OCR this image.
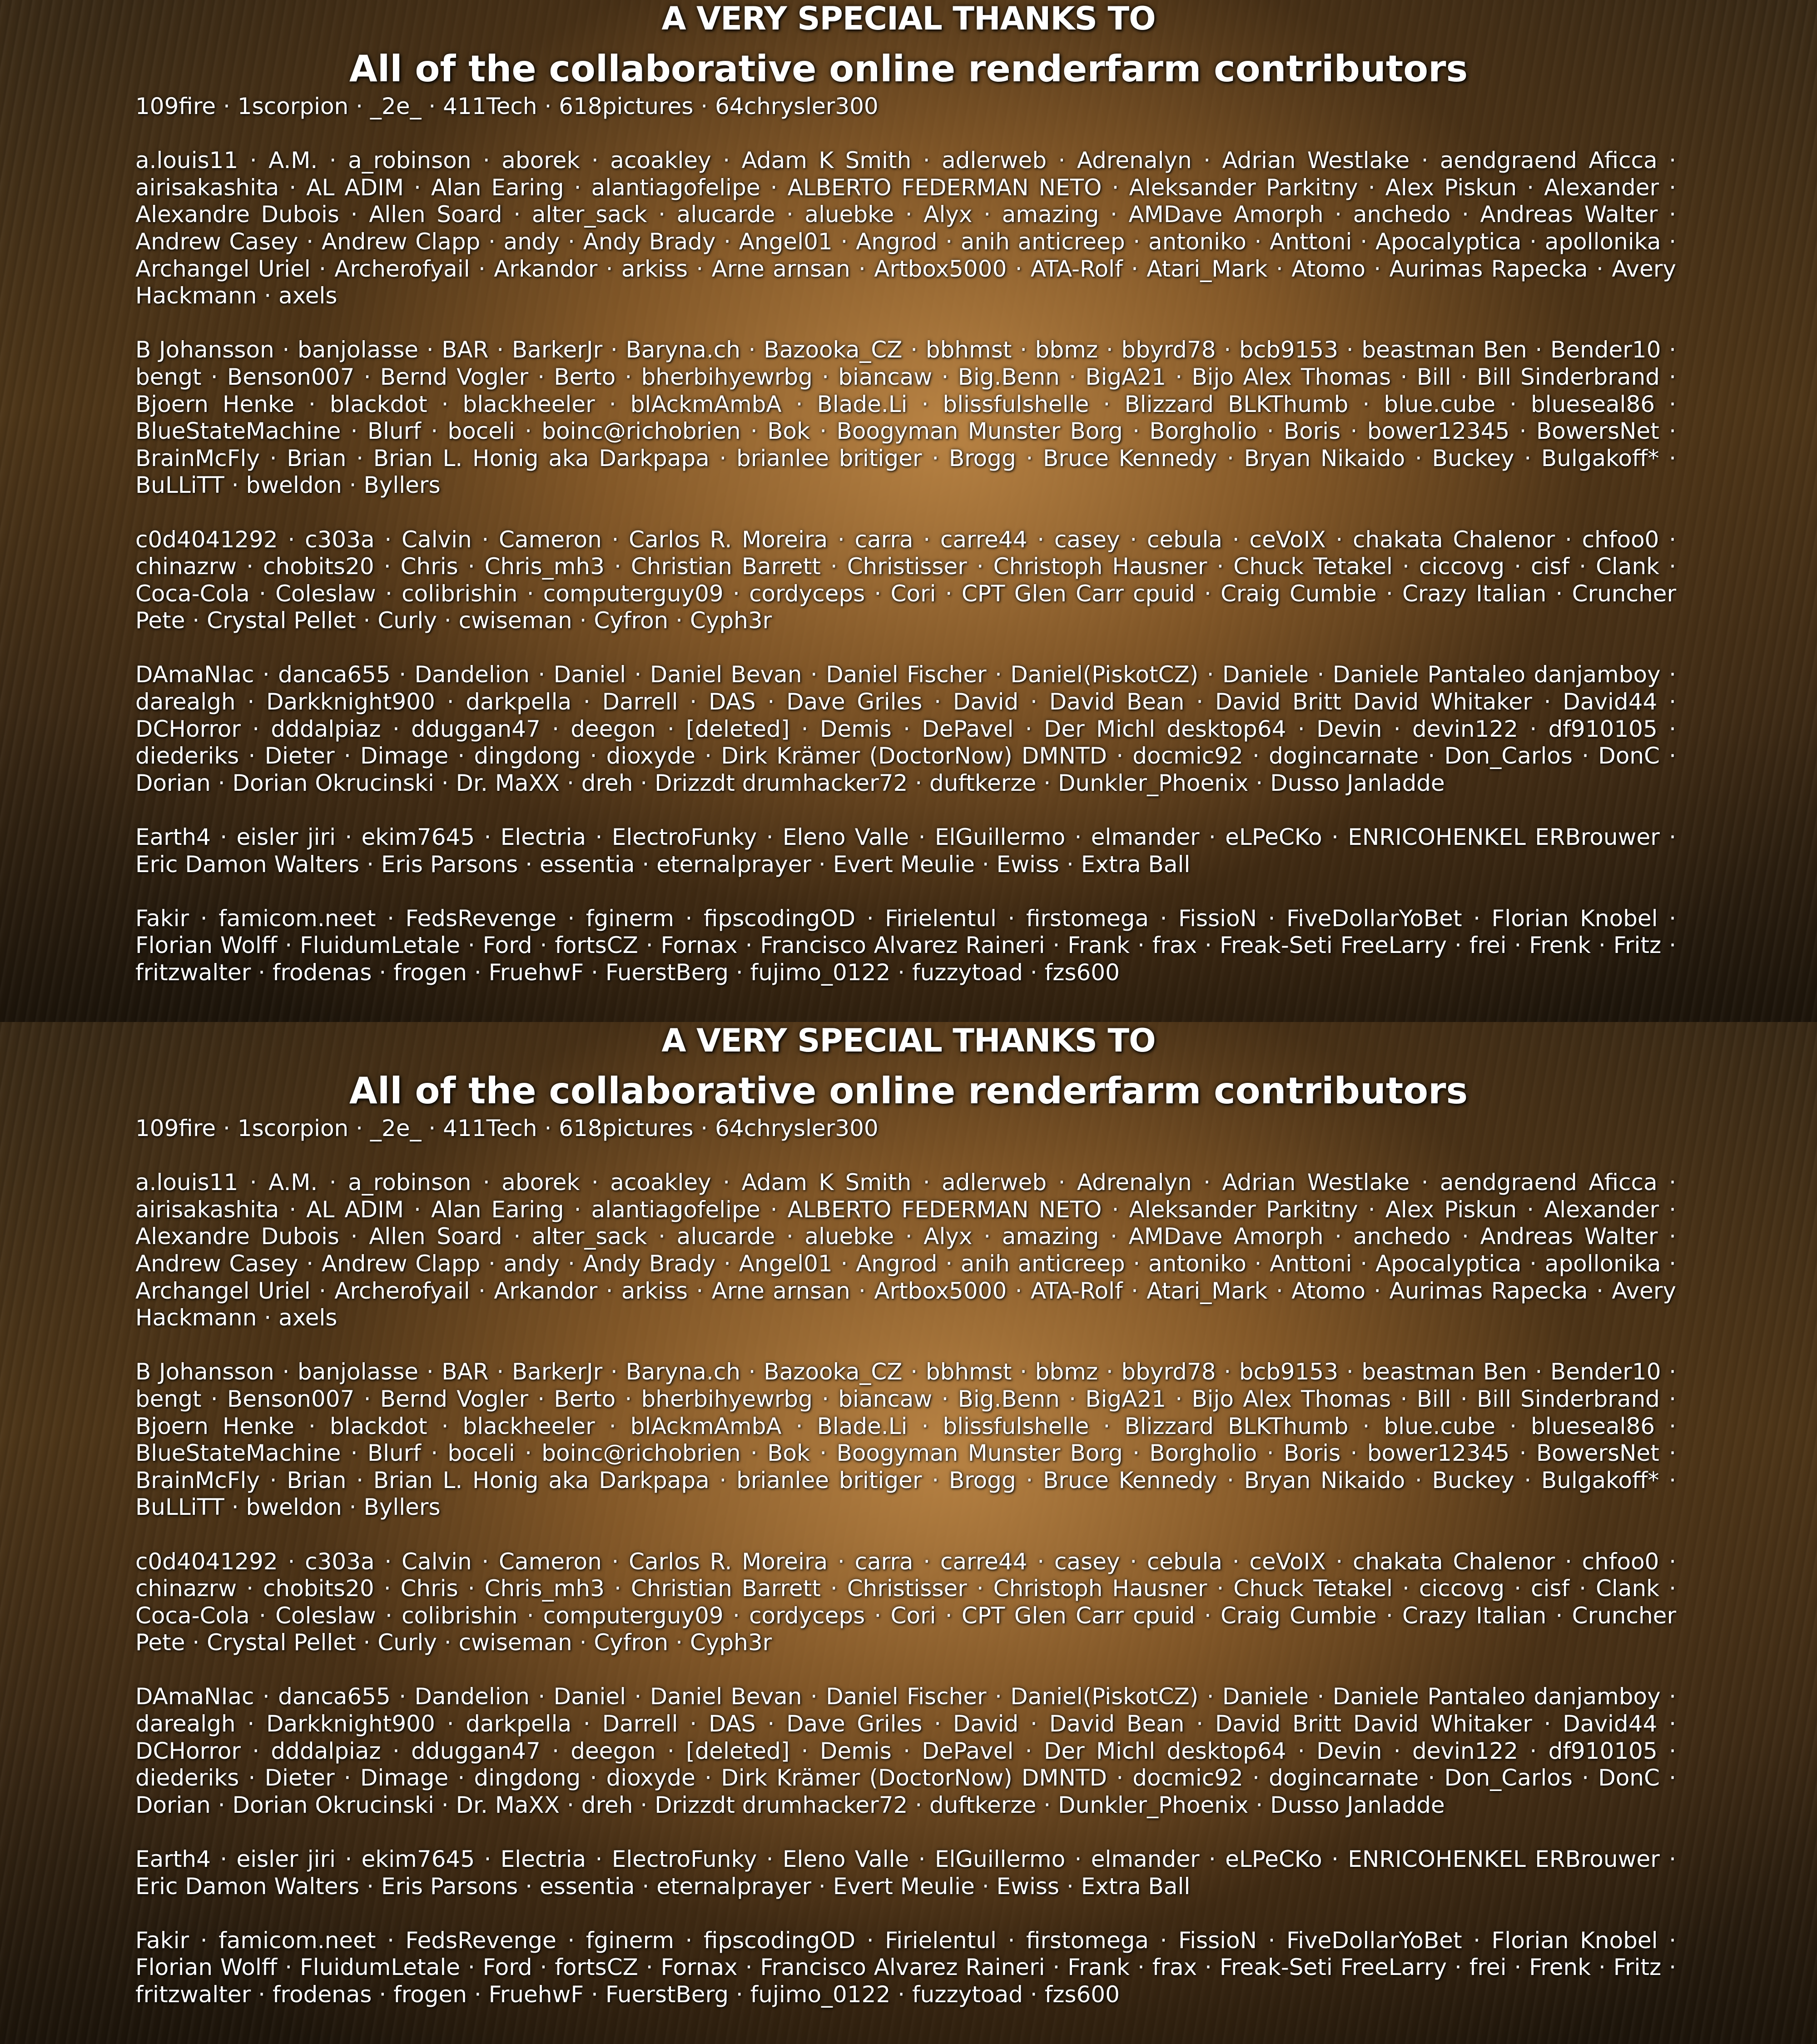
A VERY SPECIAL THANKS TO
All of the collaborative online renderfarm contributors

109fire · 1scorpion · _2e_ · 411Tech · 618pictures · 64chrysler300

a.louis11 · A.M. · a_robinson · aborek · acoakley · Adam K Smith · adlerweb · Adrenalyn · Adrian Westlake · aendgraend Aficca · airisakashita · AL ADIM · Alan Earing · alantiagofelipe · ALBERTO FEDERMAN NETO · Aleksander Parkitny · Alex Piskun · Alexander · Alexandre Dubois · Allen Soard · alter_sack · alucarde · aluebke · Alyx · amazing · AMDave Amorph · anchedo · Andreas Walter · Andrew Casey · Andrew Clapp · andy · Andy Brady · Angel01 · Angrod · anih anticreep · antoniko · Anttoni · Apocalyptica · apollonika · Archangel Uriel · Archerofyail · Arkandor · arkiss · Arne arnsan · Artbox5000 · ATA-Rolf · Atari_Mark · Atomo · Aurimas Rapecka · Avery Hackmann · axels

B Johansson · banjolasse · BAR · BarkerJr · Baryna.ch · Bazooka_CZ · bbhmst · bbmz · bbyrd78 · bcb9153 · beastman Ben · Bender10 · bengt · Benson007 · Bernd Vogler · Berto · bherbihyewrbg · biancaw · Big.Benn · BigA21 · Bijo Alex Thomas · Bill · Bill Sinderbrand · Bjoern Henke · blackdot · blackheeler · blAckmAmbA · Blade.Li · blissfulshelle · Blizzard BLKThumb · blue.cube · blueseal86 · BlueStateMachine · Blurf · boceli · boinc@richobrien · Bok · Boogyman Munster Borg · Borgholio · Boris · bower12345 · BowersNet · BrainMcFly · Brian · Brian L. Honig aka Darkpapa · brianlee britiger · Brogg · Bruce Kennedy · Bryan Nikaido · Buckey · Bulgakoff* · BuLLiTT · bweldon · Byllers

c0d4041292 · c303a · Calvin · Cameron · Carlos R. Moreira · carra · carre44 · casey · cebula · ceVoIX · chakata Chalenor · chfoo0 · chinazrw · chobits20 · Chris · Chris_mh3 · Christian Barrett · Christisser · Christoph Hausner · Chuck Tetakel · ciccovg · cisf · Clank · Coca-Cola · Coleslaw · colibrishin · computerguy09 · cordyceps · Cori · CPT Glen Carr cpuid · Craig Cumbie · Crazy Italian · Cruncher Pete · Crystal Pellet · Curly · cwiseman · Cyfron · Cyph3r

DAmaNIac · danca655 · Dandelion · Daniel · Daniel Bevan · Daniel Fischer · Daniel(PiskotCZ) · Daniele · Daniele Pantaleo danjamboy · darealgh · Darkknight900 · darkpella · Darrell · DAS · Dave Griles · David · David Bean · David Britt David Whitaker · David44 · DCHorror · dddalpiaz · dduggan47 · deegon · [deleted] · Demis · DePavel · Der Michl desktop64 · Devin · devin122 · df910105 · diederiks · Dieter · Dimage · dingdong · dioxyde · Dirk Krämer (DoctorNow) DMNTD · docmic92 · dogincarnate · Don_Carlos · DonC · Dorian · Dorian Okrucinski · Dr. MaXX · dreh · Drizzdt drumhacker72 · duftkerze · Dunkler_Phoenix · Dusso Janladde

Earth4 · eisler jiri · ekim7645 · Electria · ElectroFunky · Eleno Valle · ElGuillermo · elmander · eLPeCKo · ENRICOHENKEL ERBrouwer · Eric Damon Walters · Eris Parsons · essentia · eternalprayer · Evert Meulie · Ewiss · Extra Ball

Fakir · famicom.neet · FedsRevenge · fginerm · fipscodingOD · Firielentul · firstomega · FissioN · FiveDollarYoBet · Florian Knobel · Florian Wolff · FluidumLetale · Ford · fortsCZ · Fornax · Francisco Alvarez Raineri · Frank · frax · Freak-Seti FreeLarry · frei · Frenk · Fritz · fritzwalter · frodenas · frogen · FruehwF · FuerstBerg · fujimo_0122 · fuzzytoad · fzs600

A VERY SPECIAL THANKS TO
All of the collaborative online renderfarm contributors

109fire · 1scorpion · _2e_ · 411Tech · 618pictures · 64chrysler300

a.louis11 · A.M. · a_robinson · aborek · acoakley · Adam K Smith · adlerweb · Adrenalyn · Adrian Westlake · aendgraend Aficca · airisakashita · AL ADIM · Alan Earing · alantiagofelipe · ALBERTO FEDERMAN NETO · Aleksander Parkitny · Alex Piskun · Alexander · Alexandre Dubois · Allen Soard · alter_sack · alucarde · aluebke · Alyx · amazing · AMDave Amorph · anchedo · Andreas Walter · Andrew Casey · Andrew Clapp · andy · Andy Brady · Angel01 · Angrod · anih anticreep · antoniko · Anttoni · Apocalyptica · apollonika · Archangel Uriel · Archerofyail · Arkandor · arkiss · Arne arnsan · Artbox5000 · ATA-Rolf · Atari_Mark · Atomo · Aurimas Rapecka · Avery Hackmann · axels

B Johansson · banjolasse · BAR · BarkerJr · Baryna.ch · Bazooka_CZ · bbhmst · bbmz · bbyrd78 · bcb9153 · beastman Ben · Bender10 · bengt · Benson007 · Bernd Vogler · Berto · bherbihyewrbg · biancaw · Big.Benn · BigA21 · Bijo Alex Thomas · Bill · Bill Sinderbrand · Bjoern Henke · blackdot · blackheeler · blAckmAmbA · Blade.Li · blissfulshelle · Blizzard BLKThumb · blue.cube · blueseal86 · BlueStateMachine · Blurf · boceli · boinc@richobrien · Bok · Boogyman Munster Borg · Borgholio · Boris · bower12345 · BowersNet · BrainMcFly · Brian · Brian L. Honig aka Darkpapa · brianlee britiger · Brogg · Bruce Kennedy · Bryan Nikaido · Buckey · Bulgakoff* · BuLLiTT · bweldon · Byllers

c0d4041292 · c303a · Calvin · Cameron · Carlos R. Moreira · carra · carre44 · casey · cebula · ceVoIX · chakata Chalenor · chfoo0 · chinazrw · chobits20 · Chris · Chris_mh3 · Christian Barrett · Christisser · Christoph Hausner · Chuck Tetakel · ciccovg · cisf · Clank · Coca-Cola · Coleslaw · colibrishin · computerguy09 · cordyceps · Cori · CPT Glen Carr cpuid · Craig Cumbie · Crazy Italian · Cruncher Pete · Crystal Pellet · Curly · cwiseman · Cyfron · Cyph3r

DAmaNIac · danca655 · Dandelion · Daniel · Daniel Bevan · Daniel Fischer · Daniel(PiskotCZ) · Daniele · Daniele Pantaleo danjamboy · darealgh · Darkknight900 · darkpella · Darrell · DAS · Dave Griles · David · David Bean · David Britt David Whitaker · David44 · DCHorror · dddalpiaz · dduggan47 · deegon · [deleted] · Demis · DePavel · Der Michl desktop64 · Devin · devin122 · df910105 · diederiks · Dieter · Dimage · dingdong · dioxyde · Dirk Krämer (DoctorNow) DMNTD · docmic92 · dogincarnate · Don_Carlos · DonC · Dorian · Dorian Okrucinski · Dr. MaXX · dreh · Drizzdt drumhacker72 · duftkerze · Dunkler_Phoenix · Dusso Janladde

Earth4 · eisler jiri · ekim7645 · Electria · ElectroFunky · Eleno Valle · ElGuillermo · elmander · eLPeCKo · ENRICOHENKEL ERBrouwer · Eric Damon Walters · Eris Parsons · essentia · eternalprayer · Evert Meulie · Ewiss · Extra Ball

Fakir · famicom.neet · FedsRevenge · fginerm · fipscodingOD · Firielentul · firstomega · FissioN · FiveDollarYoBet · Florian Knobel · Florian Wolff · FluidumLetale · Ford · fortsCZ · Fornax · Francisco Alvarez Raineri · Frank · frax · Freak-Seti FreeLarry · frei · Frenk · Fritz · fritzwalter · frodenas · frogen · FruehwF · FuerstBerg · fujimo_0122 · fuzzytoad · fzs600
